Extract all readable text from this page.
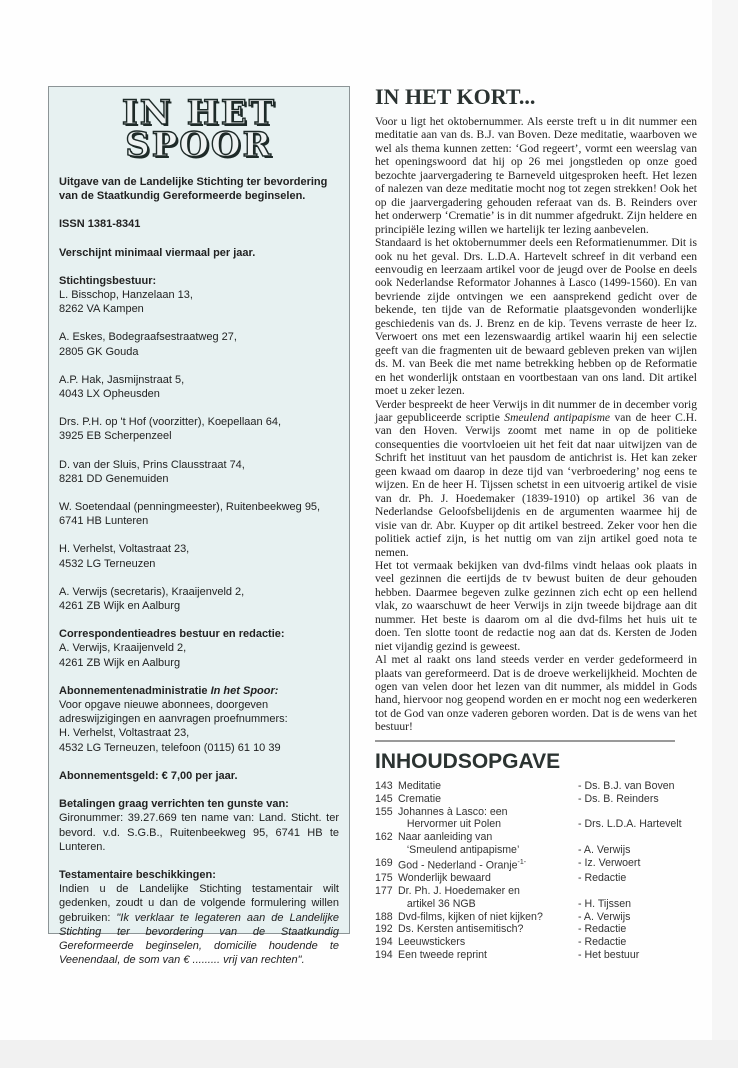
IN HET
SPOOR

Uitgave van de Landelijke Stichting ter bevordering van de Staatkundig Gereformeerde beginselen.

ISSN 1381-8341

Verschijnt minimaal viermaal per jaar.

Stichtingsbestuur:
L. Bisschop, Hanzelaan 13,
8262 VA Kampen

A. Eskes, Bodegraafsestraatweg 27,
2805 GK Gouda

A.P. Hak, Jasmijnstraat 5,
4043 LX Opheusden

Drs. P.H. op 't Hof (voorzitter), Koepellaan 64,
3925 EB Scherpenzeel

D. van der Sluis, Prins Clausstraat 74,
8281 DD Genemuiden

W. Soetendaal (penningmeester), Ruitenbeekweg 95,
6741 HB Lunteren

H. Verhelst, Voltastraat 23,
4532 LG Terneuzen

A. Verwijs (secretaris), Kraaijenveld 2,
4261 ZB Wijk en Aalburg

Correspondentieadres bestuur en redactie:
A. Verwijs, Kraaijenveld 2,
4261 ZB Wijk en Aalburg

Abonnementenadministratie In het Spoor:
Voor opgave nieuwe abonnees, doorgeven adreswijzigingen en aanvragen proefnummers:
H. Verhelst, Voltastraat 23,
4532 LG Terneuzen, telefoon (0115) 61 10 39

Abonnementsgeld: € 7,00 per jaar.

Betalingen graag verrichten ten gunste van:
Gironummer: 39.27.669 ten name van: Land. Sticht. ter bevord. v.d. S.G.B., Ruitenbeekweg 95, 6741 HB te Lunteren.

Testamentaire beschikkingen:
Indien u de Landelijke Stichting testamentair wilt gedenken, zoudt u dan de volgende formulering willen gebruiken: "Ik verklaar te legateren aan de Landelijke Stichting ter bevordering van de Staatkundig Gereformeerde beginselen, domicilie houdende te Veenendaal, de som van € ......... vrij van rechten".

IN HET KORT...

Voor u ligt het oktobernummer. Als eerste treft u in dit nummer een meditatie aan van ds. B.J. van Boven. Deze meditatie, waarboven we wel als thema kunnen zetten: ‘God regeert’, vormt een weerslag van het openingswoord dat hij op 26 mei jongstleden op onze goed bezochte jaarvergadering te Barneveld uitgesproken heeft. Het lezen of nalezen van deze meditatie mocht nog tot zegen strekken! Ook het op die jaarvergadering gehouden referaat van ds. B. Reinders over het onderwerp ‘Crematie’ is in dit nummer afgedrukt. Zijn heldere en principiële lezing willen we hartelijk ter lezing aanbevelen.

Standaard is het oktobernummer deels een Reformatienummer. Dit is ook nu het geval. Drs. L.D.A. Hartevelt schreef in dit verband een eenvoudig en leerzaam artikel voor de jeugd over de Poolse en deels ook Nederlandse Reformator Johannes à Lasco (1499-1560). En van bevriende zijde ontvingen we een aansprekend gedicht over de bekende, ten tijde van de Reformatie plaatsgevonden wonderlijke geschiedenis van ds. J. Brenz en de kip. Tevens verraste de heer Iz. Verwoert ons met een lezenswaardig artikel waarin hij een selectie geeft van die fragmenten uit de bewaard gebleven preken van wijlen ds. M. van Beek die met name betrekking hebben op de Reformatie en het wonderlijk ontstaan en voortbestaan van ons land. Dit artikel moet u zeker lezen.

Verder bespreekt de heer Verwijs in dit nummer de in december vorig jaar gepubliceerde scriptie Smeulend antipapisme van de heer C.H. van den Hoven. Verwijs zoomt met name in op de politieke consequenties die voortvloeien uit het feit dat naar uitwijzen van de Schrift het instituut van het pausdom de antichrist is. Het kan zeker geen kwaad om daarop in deze tijd van ‘verbroedering’ nog eens te wijzen. En de heer H. Tijssen schetst in een uitvoerig artikel de visie van dr. Ph. J. Hoedemaker (1839-1910) op artikel 36 van de Nederlandse Geloofsbelijdenis en de argumenten waarmee hij de visie van dr. Abr. Kuyper op dit artikel bestreed. Zeker voor hen die politiek actief zijn, is het nuttig om van zijn artikel goed nota te nemen.

Het tot vermaak bekijken van dvd-films vindt helaas ook plaats in veel gezinnen die eertijds de tv bewust buiten de deur gehouden hebben. Daarmee begeven zulke gezinnen zich echt op een hellend vlak, zo waarschuwt de heer Verwijs in zijn tweede bijdrage aan dit nummer. Het beste is daarom om al die dvd-films het huis uit te doen. Ten slotte toont de redactie nog aan dat ds. Kersten de Joden niet vijandig gezind is geweest.

Al met al raakt ons land steeds verder en verder gedeformeerd in plaats van gereformeerd. Dat is de droeve werkelijkheid. Mochten de ogen van velen door het lezen van dit nummer, als middel in Gods hand, hiervoor nog geopend worden en er mocht nog een wederkeren tot de God van onze vaderen geboren worden. Dat is de wens van het bestuur!

INHOUDSOPGAVE
143 Meditatie	- Ds. B.J. van Boven
145 Crematie	- Ds. B. Reinders
155 Johannes à Lasco: een
Hervormer uit Polen	- Drs. L.D.A. Hartevelt
162 Naar aanleiding van
‘Smeulend antipapisme’	- A. Verwijs
169 God - Nederland - Oranje$^{-1-}$	- Iz. Verwoert
175 Wonderlijk bewaard	- Redactie
177 Dr. Ph. J. Hoedemaker en
artikel 36 NGB	- H. Tijssen
188 Dvd-films, kijken of niet kijken?	- A. Verwijs
192 Ds. Kersten antisemitisch?	- Redactie
194 Leeuwstickers	- Redactie
194 Een tweede reprint	- Het bestuur
